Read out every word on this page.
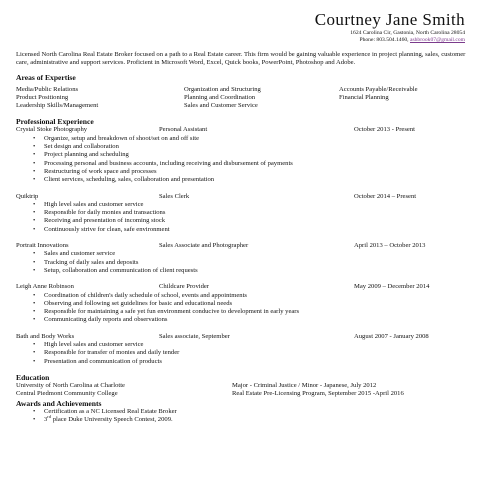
Courtney Jane Smith
1624 Carolina Cir, Gastonia, North Carolina 28054
Phone: 803.504.1460, ashbrook07@gmail.com
Licensed North Carolina Real Estate Broker focused on a path to a Real Estate career. This firm would be gaining valuable experience in project planning, sales, customer care, administrative and support services. Proficient in Microsoft Word, Excel, Quick books, PowerPoint, Photoshop and Adobe.
Areas of Expertise
Media/Public Relations	Organization and Structuring	Accounts Payable/Receivable
Product Positioning	Planning and Coordination	Financial Planning
Leadership Skills/Management	Sales and Customer Service
Professional Experience
Crystal Stoke Photography	Personal Assistant	October 2013 - Present
• Organize, setup and breakdown of shoot/set on and off site
• Set design and collaboration
• Project planning and scheduling
• Processing personal and business accounts, including receiving and disbursement of payments
• Restructuring of work space and processes
• Client services, scheduling, sales, collaboration and presentation
Quiktrip	Sales Clerk	October 2014 – Present
• High level sales and customer service
• Responsible for daily monies and transactions
• Receiving and presentation of incoming stock
• Continuously strive for clean, safe environment
Portrait Innovations	Sales Associate and Photographer	April 2013 – October 2013
• Sales and customer service
• Tracking of daily sales and deposits
• Setup, collaboration and communication of client requests
Leigh Anne Robinson	Childcare Provider	May 2009 – December 2014
• Coordination of children's daily schedule of school, events and appointments
• Observing and following set guidelines for basic and educational needs
• Responsible for maintaining a safe yet fun environment conducive to development in early years
• Communicating daily reports and observations
Bath and Body Works	Sales associate, September	August 2007 - January 2008
• High level sales and customer service
• Responsible for transfer of monies and daily tender
• Presentation and communication of products
Education
University of North Carolina at Charlotte	Major - Criminal Justice / Minor - Japanese, July 2012
Central Piedmont Community College	Real Estate Pre-Licensing Program, September 2015 -April 2016
Awards and Achievements
• Certification as a NC Licensed Real Estate Broker
• 3rd place Duke University Speech Contest, 2009.
